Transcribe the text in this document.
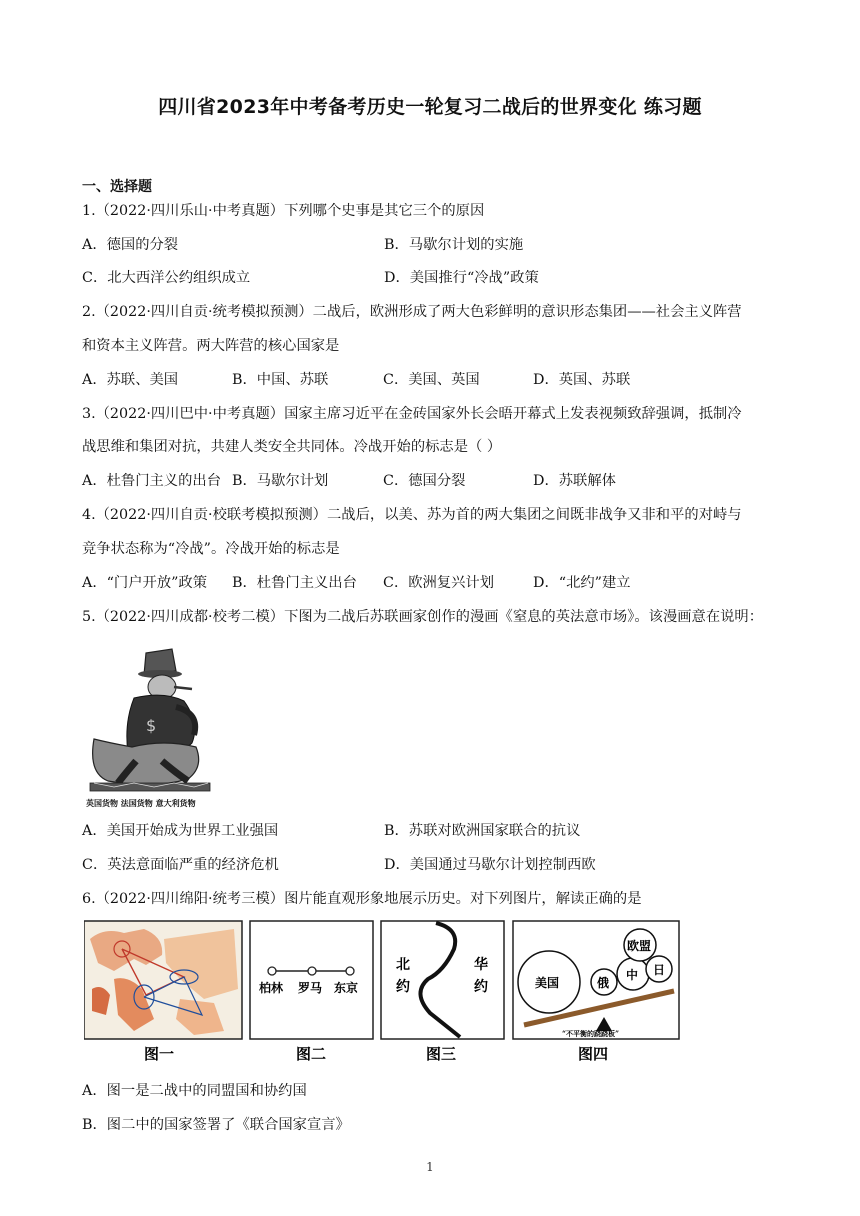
四川省2023年中考备考历史一轮复习二战后的世界变化 练习题
一、选择题
1.（2022·四川乐山·中考真题）下列哪个史事是其它三个的原因
A．德国的分裂	B．马歇尔计划的实施
C．北大西洋公约组织成立	D．美国推行“冷战”政策
2.（2022·四川自贡·统考模拟预测）二战后，欧洲形成了两大色彩鲜明的意识形态集团——社会主义阵营
和资本主义阵营。两大阵营的核心国家是
A．苏联、美国	B．中国、苏联	C．美国、英国	D．英国、苏联
3.（2022·四川巴中·中考真题）国家主席习近平在金砖国家外长会晤开幕式上发表视频致辞强调，抵制冷
战思维和集团对抗，共建人类安全共同体。冷战开始的标志是（ ）
A．杜鲁门主义的出台 B．马歇尔计划	C．德国分裂	D．苏联解体
4.（2022·四川自贡·校联考模拟预测）二战后，以美、苏为首的两大集团之间既非战争又非和平的对峙与
竞争状态称为“冷战”。冷战开始的标志是
A．“门户开放”政策 B．杜鲁门主义出台 C．欧洲复兴计划	D．“北约”建立
5.（2022·四川成都·校考二模）下图为二战后苏联画家创作的漫画《窒息的英法意市场》。该漫画意在说明：
$
英国货物 法国货物 意大利货物
A．美国开始成为世界工业强国	B．苏联对欧洲国家联合的抗议
C．英法意面临严重的经济危机	D．美国通过马歇尔计划控制西欧
6.（2022·四川绵阳·统考三模）图片能直观形象地展示历史。对下列图片，解读正确的是
图一
柏林 罗马 东京
图二
北
约
华
约
图三
美国	俄
中
欧盟
日
“不平衡的跷跷板”
图四
A．图一是二战中的同盟国和协约国
B．图二中的国家签署了《联合国家宣言》
1
